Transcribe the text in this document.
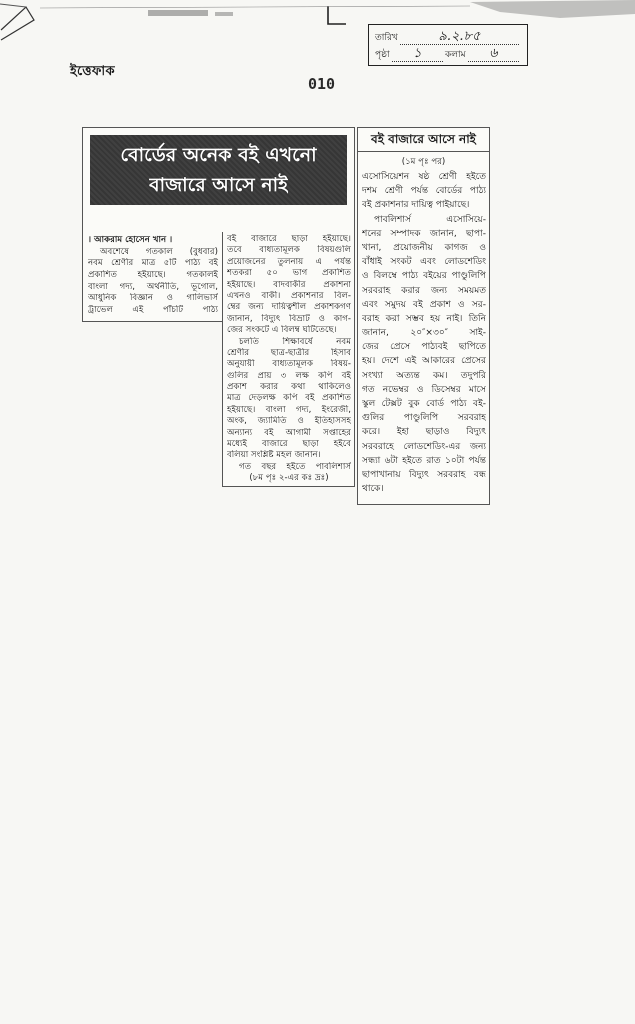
ইত্তেফাক
010
তারিখ	৯.২.৮৫
পৃষ্ঠা	১	কলাম	৬
বোর্ডের অনেক বই এখনো
বাজারে আসে নাই
। আকরাম হোসেন খান ।
অবশেষে গতকাল (বুধবার)
নবম শ্রেণীর মাত্র ৫টি পাঠ্য বই
প্রকাশিত হইয়াছে। গতকালই
বাংলা গদ্য, অর্থনীতি, ভূগোল,
আধুনিক বিজ্ঞান ও গালিভার্স
ট্রাভেল এই পাঁচটি পাঠ্য
বই বাজারে ছাড়া হইয়াছে।
তবে বাধ্যতামূলক বিষয়গুলি
প্রয়োজনের তুলনায় এ পর্যন্ত
শতকরা ৫০ ভাগ প্রকাশিত
হইয়াছে। বাদবাকীর প্রকাশনা
এখনও বাকী। প্রকাশনার বিল-
ম্বের জন্য দায়িত্বশীল প্রকাশকগণ
জানান, বিদ্যুৎ বিভ্রাট ও কাগ-
জের সংকটে এ বিলম্ব ঘটিতেছে।
চলতি শিক্ষাবর্ষে নবম
শ্রেণীর ছাত্র-ছাত্রীর হিসাব
অনুযায়ী বাধ্যতামূলক বিষয়-
গুলির প্রায় ৩ লক্ষ কপি বই
প্রকাশ করার কথা থাকিলেও
মাত্র দেড়লক্ষ কপি বই প্রকাশিত
হইয়াছে। বাংলা গদ্য, ইংরেজী,
অংক, জ্যামিতি ও ইতিহাসসহ
অন্যান্য বই আগামী সপ্তাহের
মধ্যেই বাজারে ছাড়া হইবে
বলিয়া সংশ্লিষ্ট মহল জানান।
গত বছর হইতে পাবলিশার্স
(৮ম পৃঃ ২-এর কঃ দ্রঃ)
বই বাজারে আসে নাই
(১ম পৃঃ পর)
এসোসিয়েশন ষষ্ঠ শ্রেণী হইতে
দশম শ্রেণী পর্যন্ত বোর্ডের পাঠ্য
বই প্রকাশনার দায়িত্ব পাইয়াছে।
পাবলিশার্স এসোসিয়ে-
শনের সম্পাদক জানান, ছাপা-
খানা, প্রয়োজনীয় কাগজ ও
বাঁধাই সংকট এবং লোডশেডিং
ও বিলম্বে পাঠ্য বইয়ের পাণ্ডুলিপি
সরবরাহ করার জন্য সময়মত
এবং সমুদয় বই প্রকাশ ও সর-
বরাহ করা সম্ভব হয় নাই। তিনি
জানান, ২০″×৩০″ সাই-
জের প্রেসে পাঠ্যবই ছাপিতে
হয়। দেশে এই আকারের প্রেসের
সংখ্যা অত্যন্ত কম। তদুপরি
গত নভেম্বর ও ডিসেম্বর মাসে
স্কুল টেক্সট বুক বোর্ড পাঠ্য বই-
গুলির পাণ্ডুলিপি সরবরাহ
করে। ইহা ছাড়াও বিদ্যুৎ
সরবরাহে লোডশেডিং-এর জন্য
সন্ধ্যা ৬টা হইতে রাত ১০টা পর্যন্ত
ছাপাখানায় বিদ্যুৎ সরবরাহ বন্ধ
থাকে।
